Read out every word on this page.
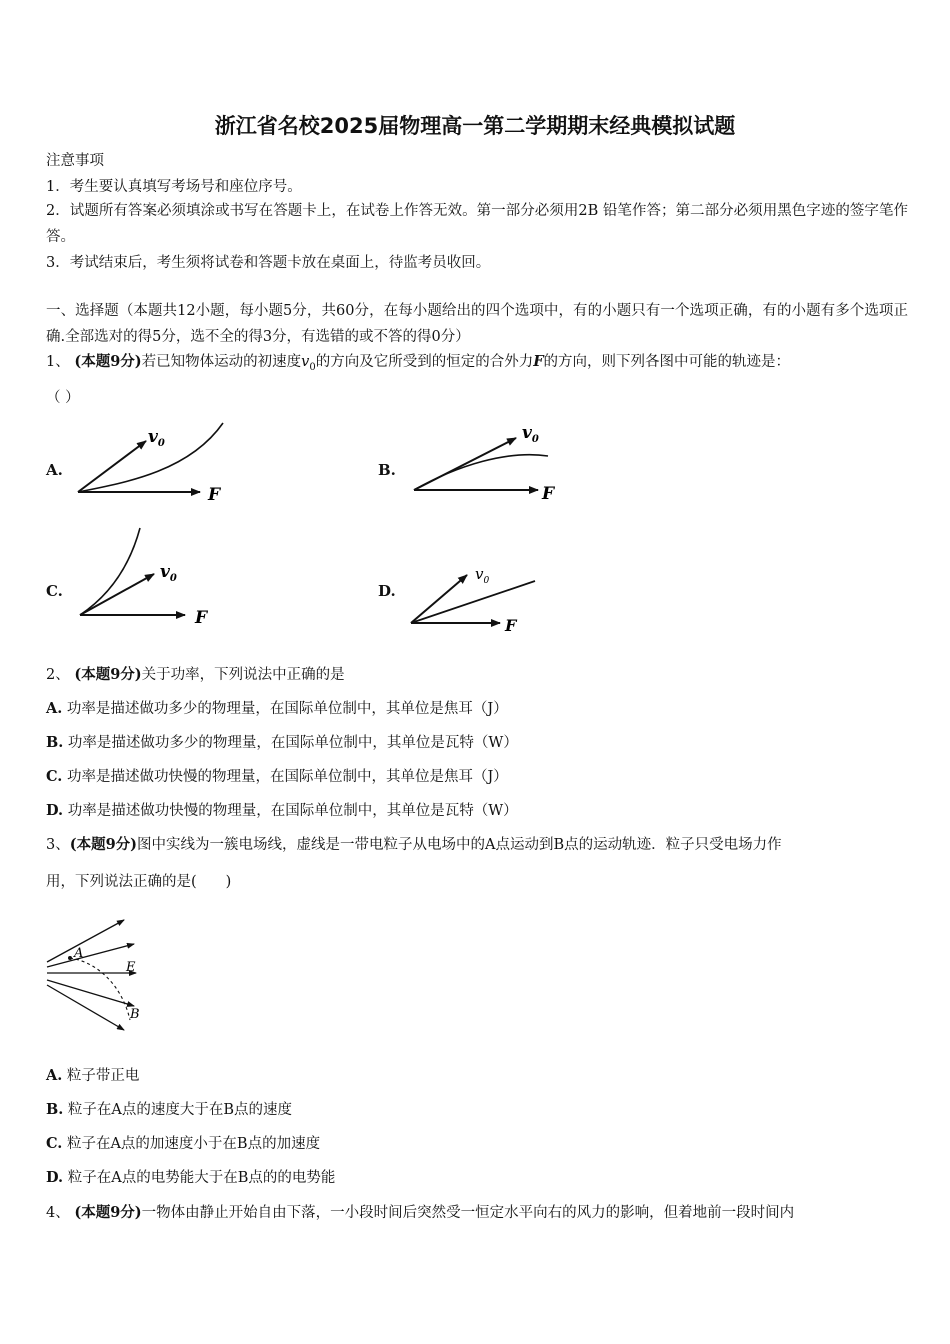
浙江省名校2025届物理高一第二学期期末经典模拟试题
注意事项
1．考生要认真填写考场号和座位序号。
2．试题所有答案必须填涂或书写在答题卡上，在试卷上作答无效。第一部分必须用2B 铅笔作答；第二部分必须用黑色字迹的签字笔作答。
3．考试结束后，考生须将试卷和答题卡放在桌面上，待监考员收回。
一、选择题（本题共12小题，每小题5分，共60分，在每小题给出的四个选项中，有的小题只有一个选项正确，有的小题有多个选项正确.全部选对的得5分，选不全的得3分，有选错的或不答的得0分）
1、 (本题9分)若已知物体运动的初速度$v_0$的方向及它所受到的恒定的合外力F的方向，则下列各图中可能的轨迹是：
（ ）
A.	B.
C.	D.
$v_0$
F
$v_0$
F
$v_0$
F
$v_0$
F
2、 (本题9分)关于功率，下列说法中正确的是
A. 功率是描述做功多少的物理量，在国际单位制中，其单位是焦耳（J）
B. 功率是描述做功多少的物理量，在国际单位制中，其单位是瓦特（W）
C. 功率是描述做功快慢的物理量，在国际单位制中，其单位是焦耳（J）
D. 功率是描述做功快慢的物理量，在国际单位制中，其单位是瓦特（W）
3、(本题9分)图中实线为一簇电场线，虚线是一带电粒子从电场中的A点运动到B点的运动轨迹．粒子只受电场力作
用，下列说法正确的是(　　)
A
E
B
A. 粒子带正电
B. 粒子在A点的速度大于在B点的速度
C. 粒子在A点的加速度小于在B点的加速度
D. 粒子在A点的电势能大于在B点的的电势能
4、 (本题9分)一物体由静止开始自由下落，一小段时间后突然受一恒定水平向右的风力的影响，但着地前一段时间内
